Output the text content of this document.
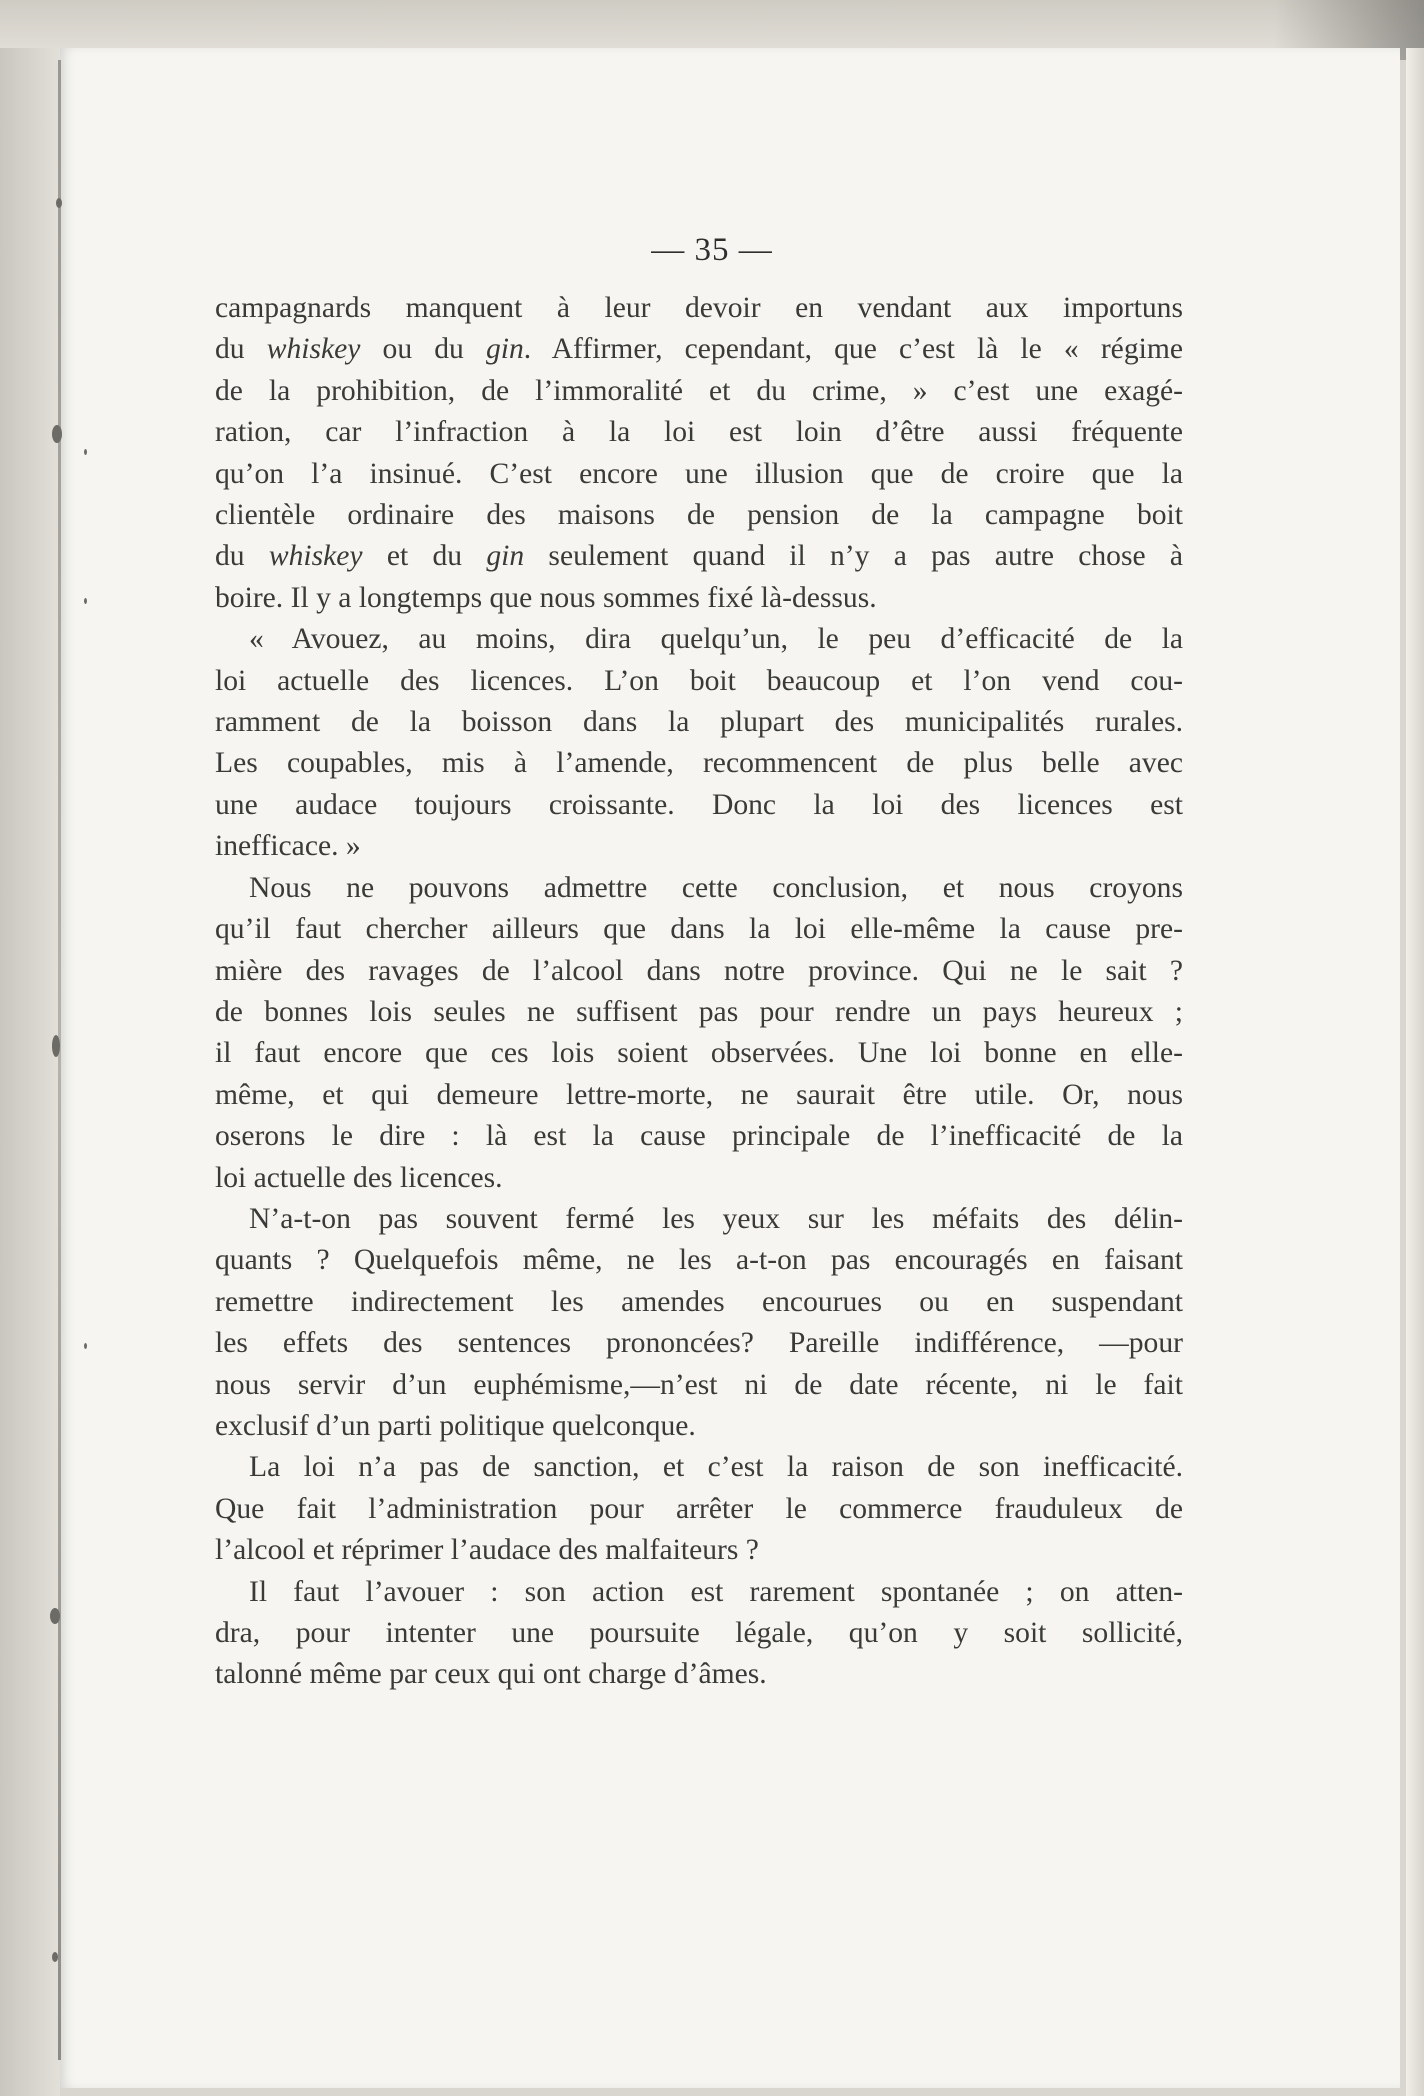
— 35 —

campagnards manquent à leur devoir en vendant aux importuns
du whiskey ou du gin. Affirmer, cependant, que c’est là le « régime
de la prohibition, de l’immoralité et du crime, » c’est une exagé-
ration, car l’infraction à la loi est loin d’être aussi fréquente
qu’on l’a insinué. C’est encore une illusion que de croire que la
clientèle ordinaire des maisons de pension de la campagne boit
du whiskey et du gin seulement quand il n’y a pas autre chose à
boire. Il y a longtemps que nous sommes fixé là-dessus.

« Avouez, au moins, dira quelqu’un, le peu d’efficacité de la
loi actuelle des licences. L’on boit beaucoup et l’on vend cou-
ramment de la boisson dans la plupart des municipalités rurales.
Les coupables, mis à l’amende, recommencent de plus belle avec
une audace toujours croissante. Donc la loi des licences est
inefficace. »

Nous ne pouvons admettre cette conclusion, et nous croyons
qu’il faut chercher ailleurs que dans la loi elle-même la cause pre-
mière des ravages de l’alcool dans notre province. Qui ne le sait ?
de bonnes lois seules ne suffisent pas pour rendre un pays heureux ;
il faut encore que ces lois soient observées. Une loi bonne en elle-
même, et qui demeure lettre-morte, ne saurait être utile. Or, nous
oserons le dire : là est la cause principale de l’inefficacité de la
loi actuelle des licences.

N’a-t-on pas souvent fermé les yeux sur les méfaits des délin-
quants ? Quelquefois même, ne les a-t-on pas encouragés en faisant
remettre indirectement les amendes encourues ou en suspendant
les effets des sentences prononcées? Pareille indifférence, —pour
nous servir d’un euphémisme,—n’est ni de date récente, ni le fait
exclusif d’un parti politique quelconque.

La loi n’a pas de sanction, et c’est la raison de son inefficacité.
Que fait l’administration pour arrêter le commerce frauduleux de
l’alcool et réprimer l’audace des malfaiteurs ?

Il faut l’avouer : son action est rarement spontanée ; on atten-
dra, pour intenter une poursuite légale, qu’on y soit sollicité,
talonné même par ceux qui ont charge d’âmes.
